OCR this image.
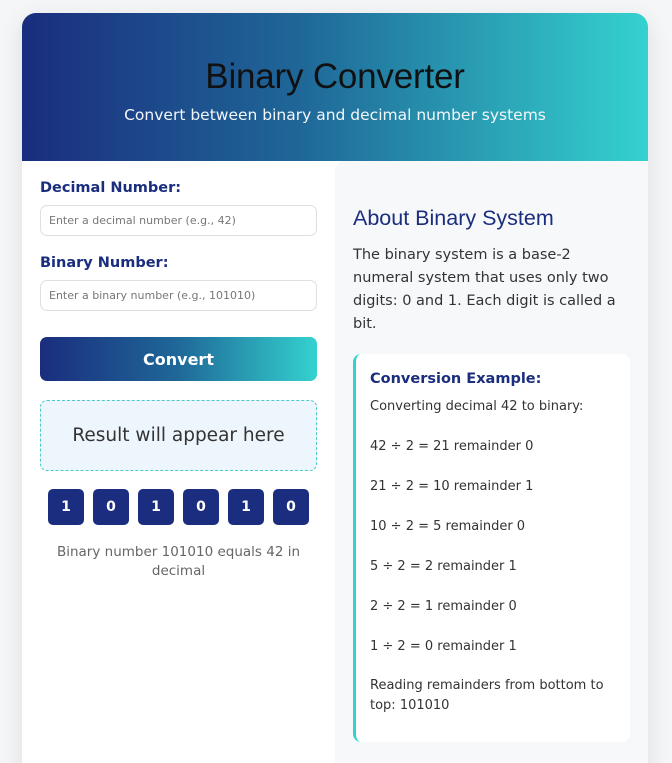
Binary Converter

Convert between binary and decimal number systems

Decimal Number:
Enter a decimal number (e.g., 42)
Binary Number:
Enter a binary number (e.g., 101010) Convert
Result will appear here
1	0	1	0	1	0

Binary number 101010 equals 42 in decimal

About Binary System

The binary system is a base-2 numeral system that uses only two digits: 0 and 1. Each digit is called a bit.

Conversion Example:

Converting decimal 42 to binary:

42 ÷ 2 = 21 remainder 0

21 ÷ 2 = 10 remainder 1

10 ÷ 2 = 5 remainder 0

5 ÷ 2 = 2 remainder 1

2 ÷ 2 = 1 remainder 0

1 ÷ 2 = 0 remainder 1

Reading remainders from bottom to top: 101010
